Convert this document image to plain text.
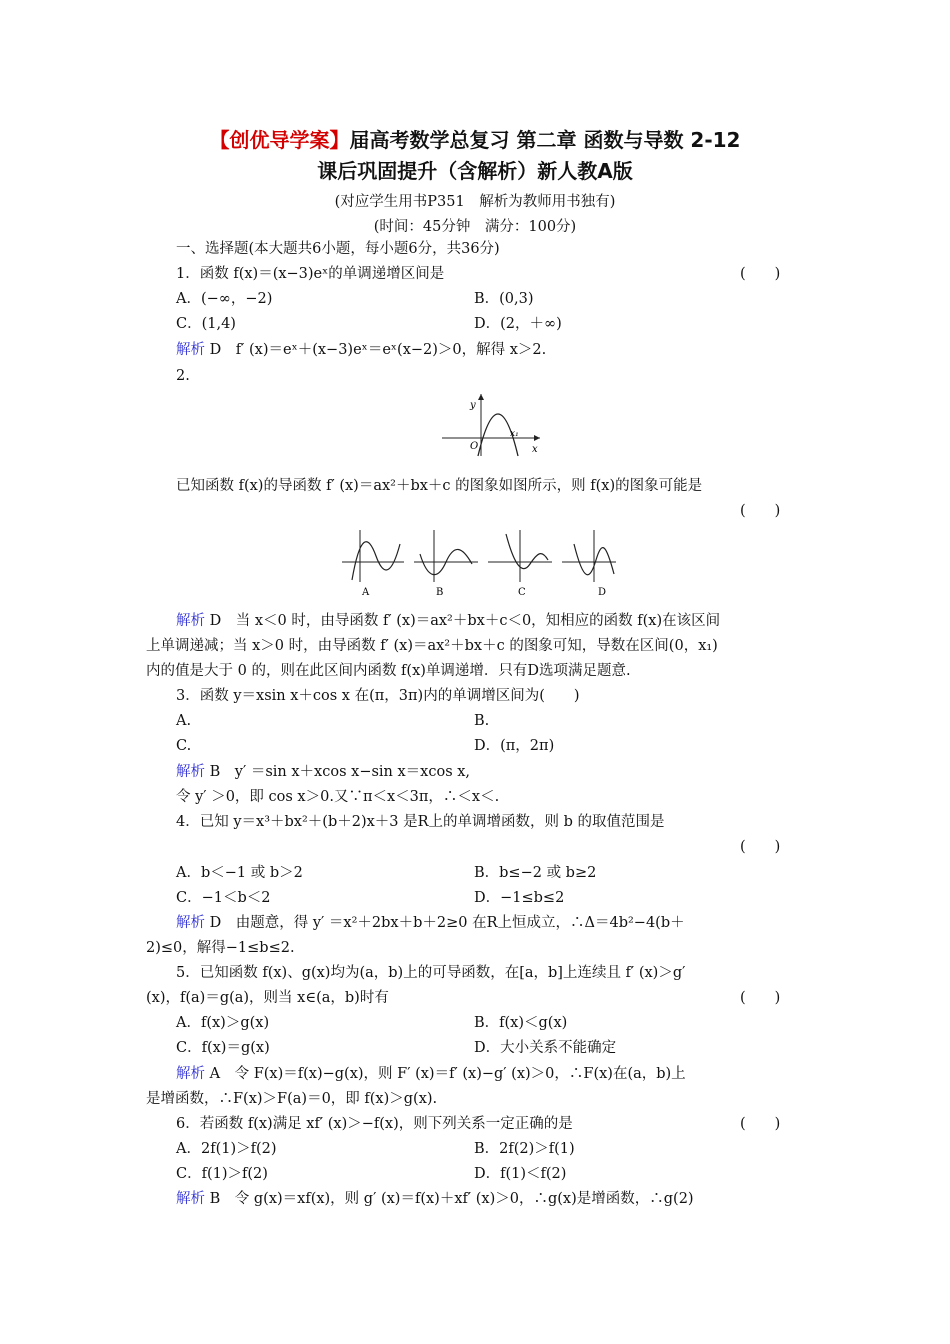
【创优导学案】届高考数学总复习 第二章 函数与导数 2-12
课后巩固提升（含解析）新人教A版
(对应学生用书P351　解析为教师用书独有)
(时间：45分钟　满分：100分)
一、选择题(本大题共6小题，每小题6分，共36分)
1．函数 f(x)＝(x−3)eˣ的单调递增区间是	(　　)
A．(−∞，−2)	B．(0,3)
C．(1,4)	D．(2，＋∞)
解析 D　f′ (x)＝eˣ＋(x−3)eˣ＝eˣ(x−2)＞0，解得 x＞2.
2.
y
O
x₁
x
已知函数 f(x)的导函数 f′ (x)＝ax²＋bx＋c 的图象如图所示，则 f(x)的图象可能是
(　　)
A	B	C	D
解析 D　当 x＜0 时，由导函数 f′ (x)＝ax²＋bx＋c＜0，知相应的函数 f(x)在该区间
上单调递减；当 x＞0 时，由导函数 f′ (x)＝ax²＋bx＋c 的图象可知，导数在区间(0，x₁)
内的值是大于 0 的，则在此区间内函数 f(x)单调递增．只有D选项满足题意.
3．函数 y＝xsin x＋cos x 在(π，3π)内的单调增区间为(　　)
A.	B.
C.	D．(π，2π)
解析 B　y′ ＝sin x＋xcos x−sin x＝xcos x,
令 y′ ＞0，即 cos x＞0.又∵π＜x＜3π，∴＜x＜.
4．已知 y＝x³＋bx²＋(b＋2)x＋3 是R上的单调增函数，则 b 的取值范围是
(　　)
A．b＜−1 或 b＞2	B．b≤−2 或 b≥2
C．−1＜b＜2	D．−1≤b≤2
解析 D　由题意，得 y′ ＝x²＋2bx＋b＋2≥0 在R上恒成立，∴Δ＝4b²−4(b＋
2)≤0，解得−1≤b≤2.
5．已知函数 f(x)、g(x)均为(a，b)上的可导函数，在[a，b]上连续且 f′ (x)＞g′
(x)，f(a)＝g(a)，则当 x∈(a，b)时有	(　　)
A．f(x)＞g(x)	B．f(x)＜g(x)
C．f(x)＝g(x)	D．大小关系不能确定
解析 A　令 F(x)＝f(x)−g(x)，则 F′ (x)＝f′ (x)−g′ (x)＞0，∴F(x)在(a，b)上
是增函数，∴F(x)＞F(a)＝0，即 f(x)＞g(x).
6．若函数 f(x)满足 xf′ (x)＞−f(x)，则下列关系一定正确的是	(　　)
A．2f(1)＞f(2)	B．2f(2)＞f(1)
C．f(1)＞f(2)	D．f(1)＜f(2)
解析 B　令 g(x)＝xf(x)，则 g′ (x)＝f(x)＋xf′ (x)＞0，∴g(x)是增函数，∴g(2)
